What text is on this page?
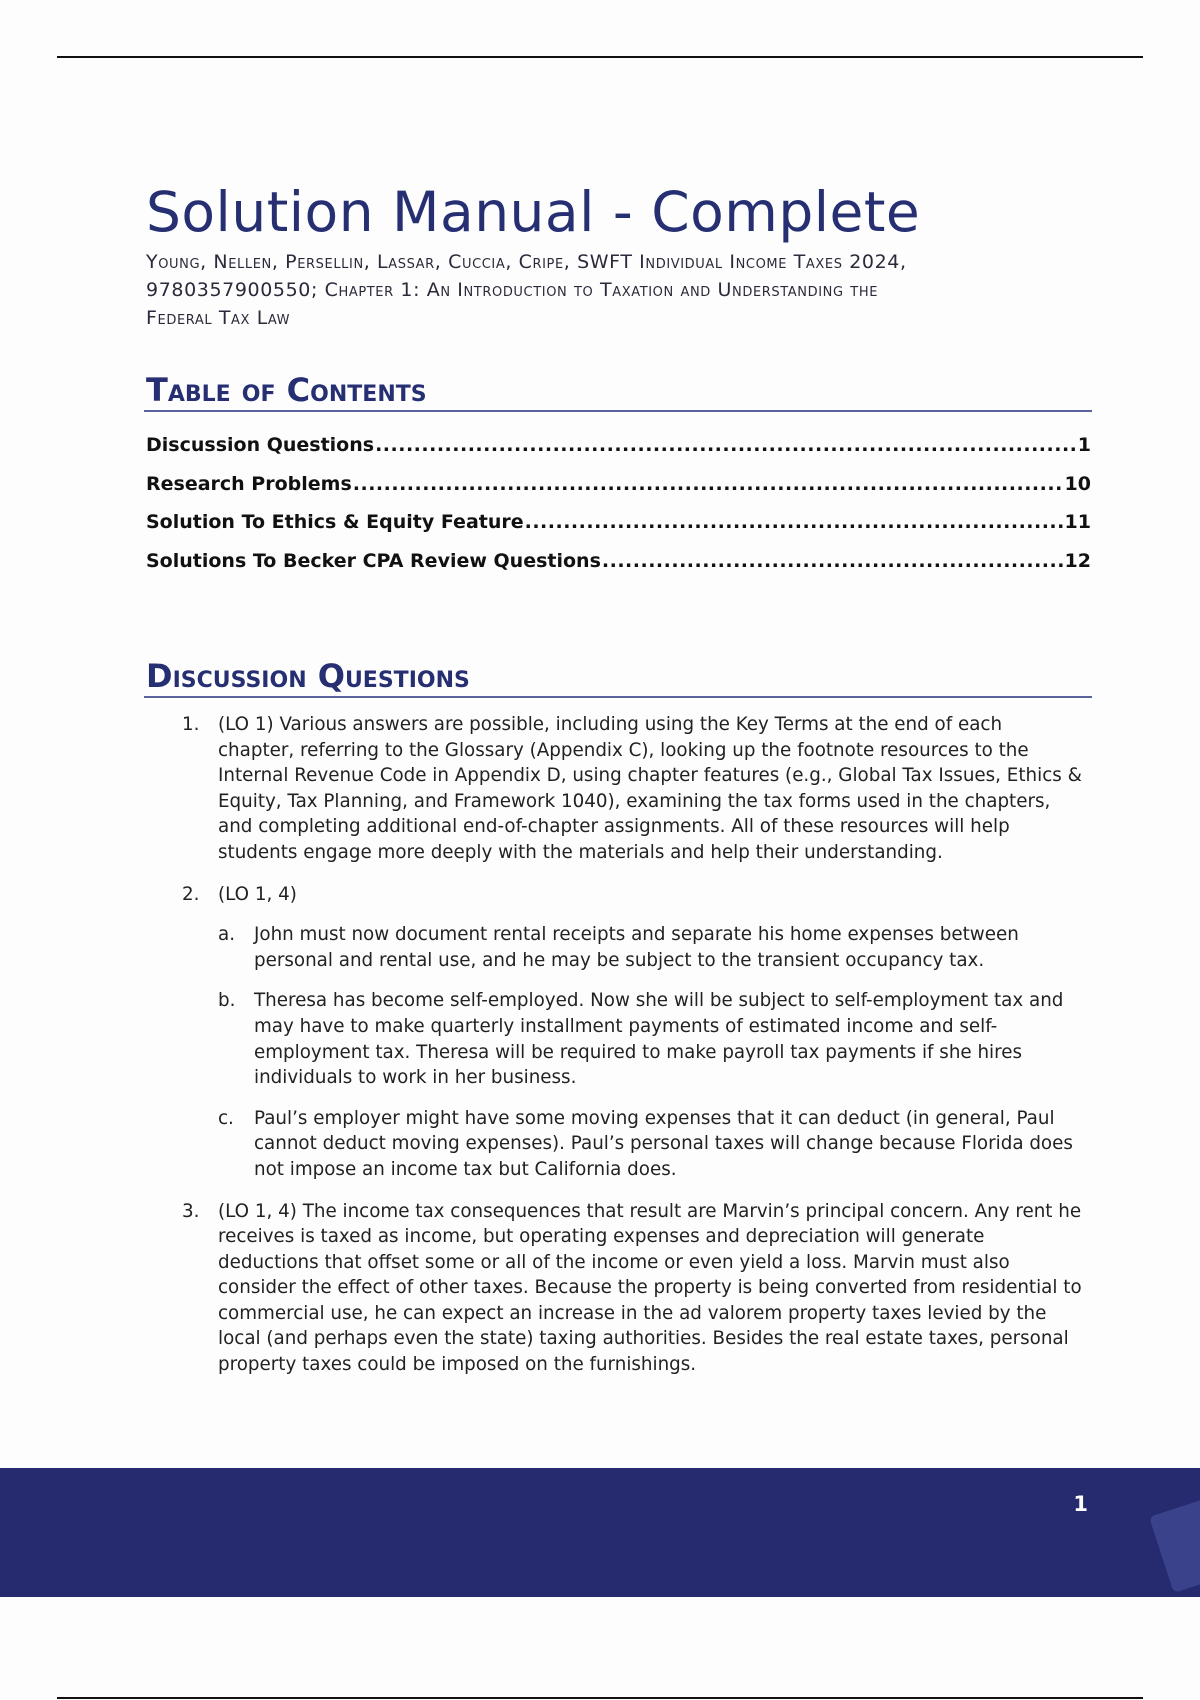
Solution Manual - Complete
Young, Nellen, Persellin, Lassar, Cuccia, Cripe, SWFT Individual Income Taxes 2024,
9780357900550; Chapter 1: An Introduction to Taxation and Understanding the
Federal Tax Law
Table of Contents
Discussion Questions .....	1
Research Problems .....	10
Solution To Ethics & Equity Feature .....	11
Solutions To Becker CPA Review Questions .....	12
Discussion Questions
1.	(LO 1) Various answers are possible, including using the Key Terms at the end of each chapter, referring to the Glossary (Appendix C), looking up the footnote resources to the Internal Revenue Code in Appendix D, using chapter features (e.g., Global Tax Issues, Ethics & Equity, Tax Planning, and Framework 1040), examining the tax forms used in the chapters, and completing additional end-of-chapter assignments. All of these resources will help students engage more deeply with the materials and help their understanding.
2.	(LO 1, 4)
a.	John must now document rental receipts and separate his home expenses between personal and rental use, and he may be subject to the transient occupancy tax.
b.	Theresa has become self-employed. Now she will be subject to self-employment tax and may have to make quarterly installment payments of estimated income and self-employment tax. Theresa will be required to make payroll tax payments if she hires individuals to work in her business.
c.	Paul’s employer might have some moving expenses that it can deduct (in general, Paul cannot deduct moving expenses). Paul’s personal taxes will change because Florida does not impose an income tax but California does.
3.	(LO 1, 4) The income tax consequences that result are Marvin’s principal concern. Any rent he receives is taxed as income, but operating expenses and depreciation will generate deductions that offset some or all of the income or even yield a loss. Marvin must also consider the effect of other taxes. Because the property is being converted from residential to commercial use, he can expect an increase in the ad valorem property taxes levied by the local (and perhaps even the state) taxing authorities. Besides the real estate taxes, personal property taxes could be imposed on the furnishings.
1
